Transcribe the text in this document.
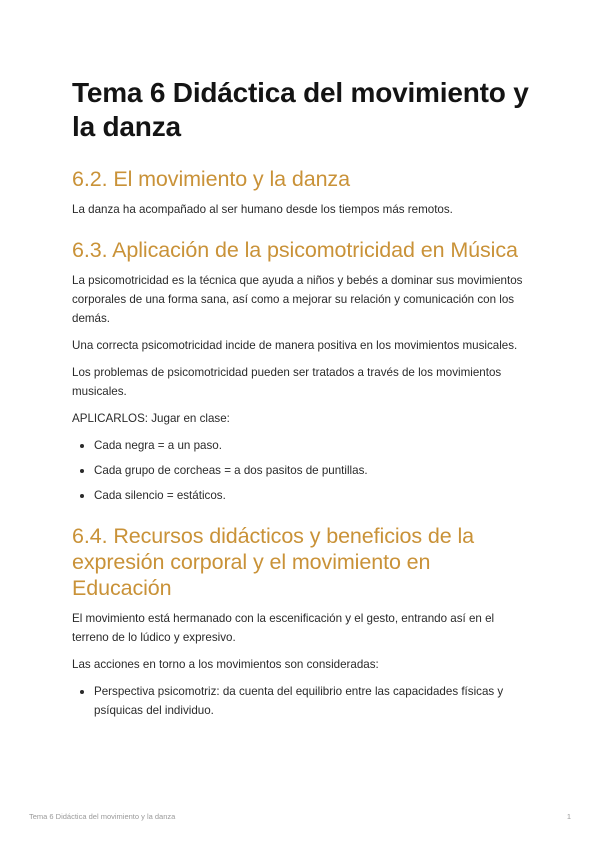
Tema 6 Didáctica del movimiento y la danza
6.2. El movimiento y la danza

La danza ha acompañado al ser humano desde los tiempos más remotos.

6.3. Aplicación de la psicomotricidad en Música

La psicomotricidad es la técnica que ayuda a niños y bebés a dominar sus movimientos corporales de una forma sana, así como a mejorar su relación y comunicación con los demás.

Una correcta psicomotricidad incide de manera positiva en los movimientos musicales.

Los problemas de psicomotricidad pueden ser tratados a través de los movimientos musicales.

APLICARLOS: Jugar en clase:

• Cada negra = a un paso.
• Cada grupo de corcheas = a dos pasitos de puntillas.
• Cada silencio = estáticos.
6.4. Recursos didácticos y beneficios de la expresión corporal y el movimiento en Educación

El movimiento está hermanado con la escenificación y el gesto, entrando así en el terreno de lo lúdico y expresivo.

Las acciones en torno a los movimientos son consideradas:

• Perspectiva psicomotriz: da cuenta del equilibrio entre las capacidades físicas y psíquicas del individuo.
Tema 6 Didáctica del movimiento y la danza	1
